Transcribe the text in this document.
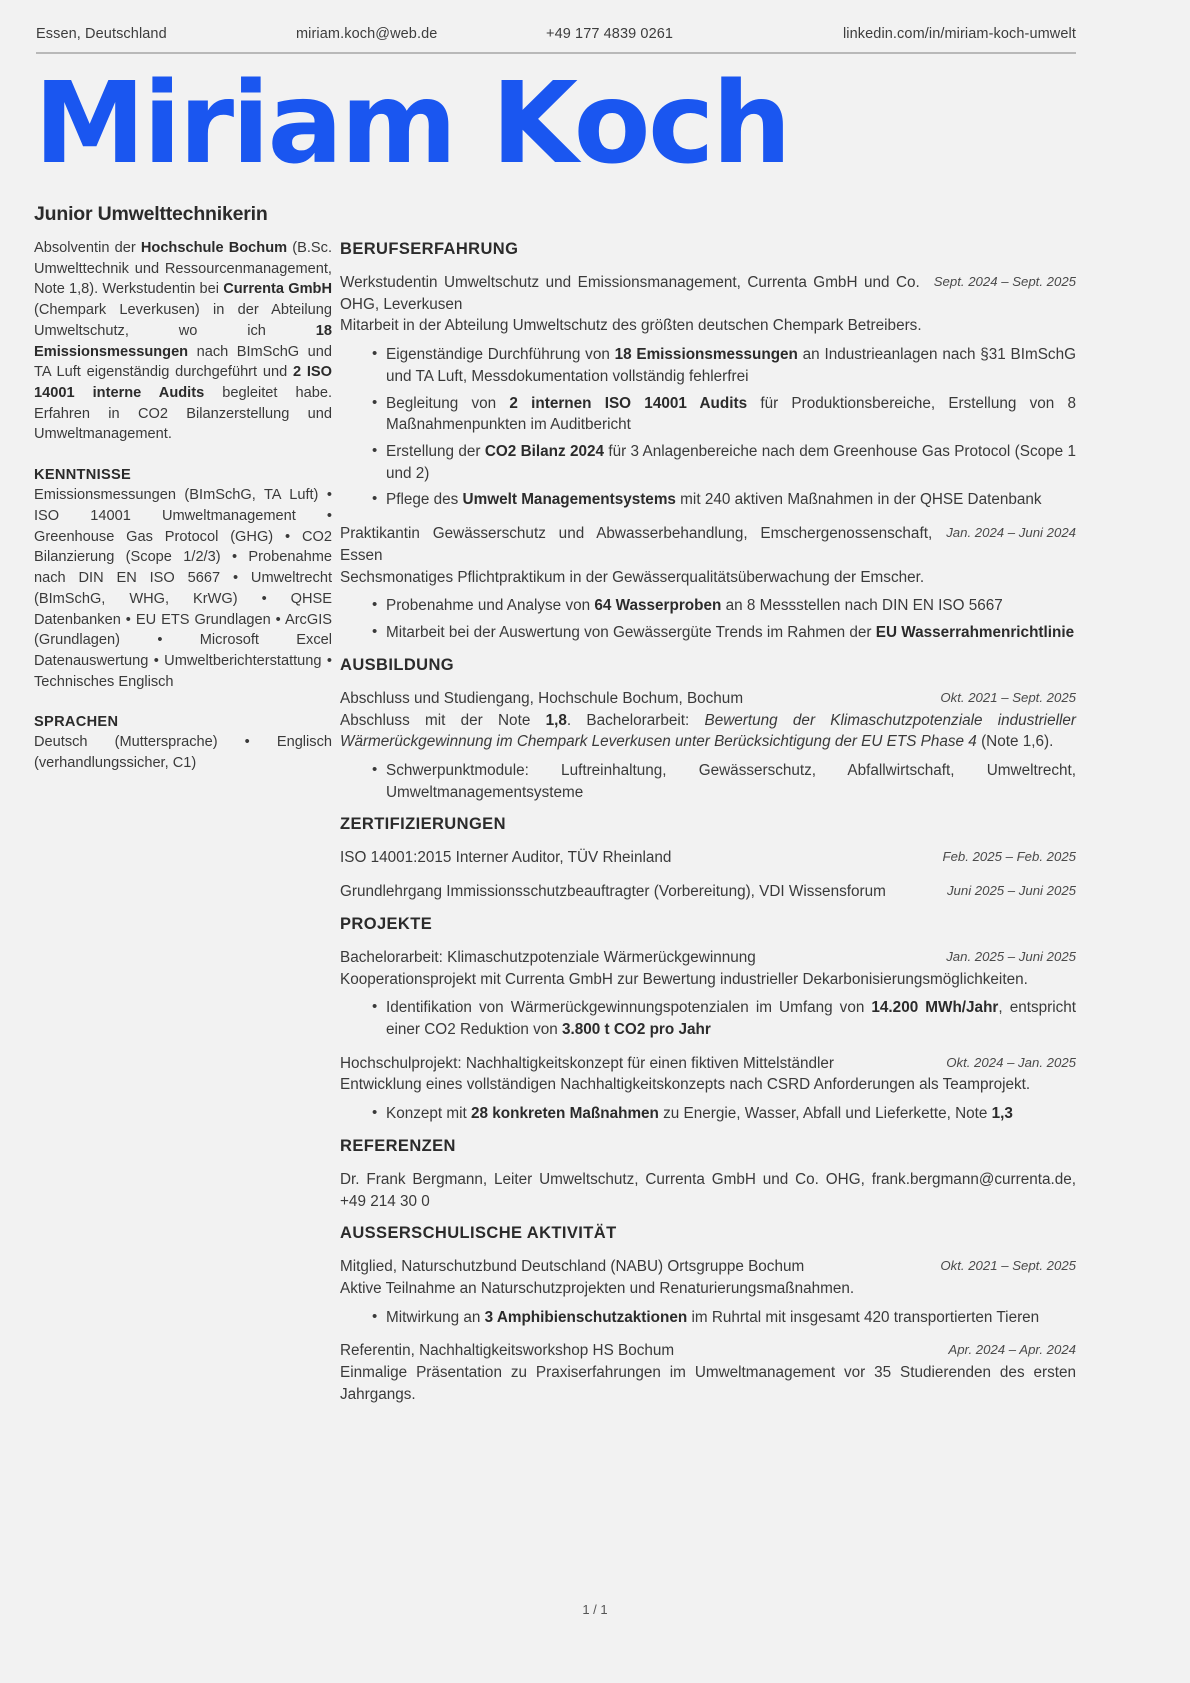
Essen, Deutschland	miriam.koch@web.de	+49 177 4839 0261	linkedin.com/in/miriam-koch-umwelt
Miriam Koch
Junior Umwelttechnikerin

Absolventin der Hochschule Bochum (B.Sc. Umwelttechnik und Ressourcenmanagement, Note 1,8). Werkstudentin bei Currenta GmbH (Chempark Leverkusen) in der Abteilung Umweltschutz, wo ich 18 Emissionsmessungen nach BImSchG und TA Luft eigenständig durchgeführt und 2 ISO 14001 interne Audits begleitet habe. Erfahren in CO2 Bilanzerstellung und Umweltmanagement.

KENNTNISSE

Emissionsmessungen (BImSchG, TA Luft) • ISO 14001 Umweltmanagement • Greenhouse Gas Protocol (GHG) • CO2 Bilanzierung (Scope 1/2/3) • Probenahme nach DIN EN ISO 5667 • Umweltrecht (BImSchG, WHG, KrWG) • QHSE Datenbanken • EU ETS Grundlagen • ArcGIS (Grundlagen) • Microsoft Excel Datenauswertung • Umweltberichterstattung • Technisches Englisch

SPRACHEN

Deutsch (Muttersprache) • Englisch (verhandlungssicher, C1)

BERUFSERFAHRUNG
Werkstudentin Umweltschutz und Emissionsmanagement, Currenta GmbH und Co. OHG, Leverkusen
Sept. 2024 – Sept. 2025
Mitarbeit in der Abteilung Umweltschutz des größten deutschen Chempark Betreibers.
• Eigenständige Durchführung von 18 Emissionsmessungen an Industrieanlagen nach §31 BImSchG und TA Luft, Messdokumentation vollständig fehlerfrei
• Begleitung von 2 internen ISO 14001 Audits für Produktionsbereiche, Erstellung von 8 Maßnahmenpunkten im Auditbericht
• Erstellung der CO2 Bilanz 2024 für 3 Anlagenbereiche nach dem Greenhouse Gas Protocol (Scope 1 und 2)
• Pflege des Umwelt Managementsystems mit 240 aktiven Maßnahmen in der QHSE Datenbank
Praktikantin Gewässerschutz und Abwasserbehandlung, Emschergenossenschaft, Essen
Jan. 2024 – Juni 2024
Sechsmonatiges Pflichtpraktikum in der Gewässerqualitätsüberwachung der Emscher.
• Probenahme und Analyse von 64 Wasserproben an 8 Messstellen nach DIN EN ISO 5667
• Mitarbeit bei der Auswertung von Gewässergüte Trends im Rahmen der EU Wasserrahmenrichtlinie
AUSBILDUNG
Abschluss und Studiengang, Hochschule Bochum, Bochum	Okt. 2021 – Sept. 2025
Abschluss mit der Note 1,8. Bachelorarbeit: Bewertung der Klimaschutzpotenziale industrieller Wärmerückgewinnung im Chempark Leverkusen unter Berücksichtigung der EU ETS Phase 4 (Note 1,6).
• Schwerpunktmodule: Luftreinhaltung, Gewässerschutz, Abfallwirtschaft, Umweltrecht, Umweltmanagementsysteme
ZERTIFIZIERUNGEN
ISO 14001:2015 Interner Auditor, TÜV Rheinland	Feb. 2025 – Feb. 2025
Grundlehrgang Immissionsschutzbeauftragter (Vorbereitung), VDI Wissensforum	Juni 2025 – Juni 2025
PROJEKTE
Bachelorarbeit: Klimaschutzpotenziale Wärmerückgewinnung	Jan. 2025 – Juni 2025
Kooperationsprojekt mit Currenta GmbH zur Bewertung industrieller Dekarbonisierungsmöglichkeiten.
• Identifikation von Wärmerückgewinnungspotenzialen im Umfang von 14.200 MWh/Jahr, entspricht einer CO2 Reduktion von 3.800 t CO2 pro Jahr
Hochschulprojekt: Nachhaltigkeitskonzept für einen fiktiven Mittelständler	Okt. 2024 – Jan. 2025
Entwicklung eines vollständigen Nachhaltigkeitskonzepts nach CSRD Anforderungen als Teamprojekt.
• Konzept mit 28 konkreten Maßnahmen zu Energie, Wasser, Abfall und Lieferkette, Note 1,3
REFERENZEN
Dr. Frank Bergmann, Leiter Umweltschutz, Currenta GmbH und Co. OHG, frank.bergmann@currenta.de, +49 214 30 0
AUSSERSCHULISCHE AKTIVITÄT
Mitglied, Naturschutzbund Deutschland (NABU) Ortsgruppe Bochum	Okt. 2021 – Sept. 2025
Aktive Teilnahme an Naturschutzprojekten und Renaturierungsmaßnahmen.
• Mitwirkung an 3 Amphibienschutzaktionen im Ruhrtal mit insgesamt 420 transportierten Tieren
Referentin, Nachhaltigkeitsworkshop HS Bochum	Apr. 2024 – Apr. 2024
Einmalige Präsentation zu Praxiserfahrungen im Umweltmanagement vor 35 Studierenden des ersten Jahrgangs.
1 / 1
